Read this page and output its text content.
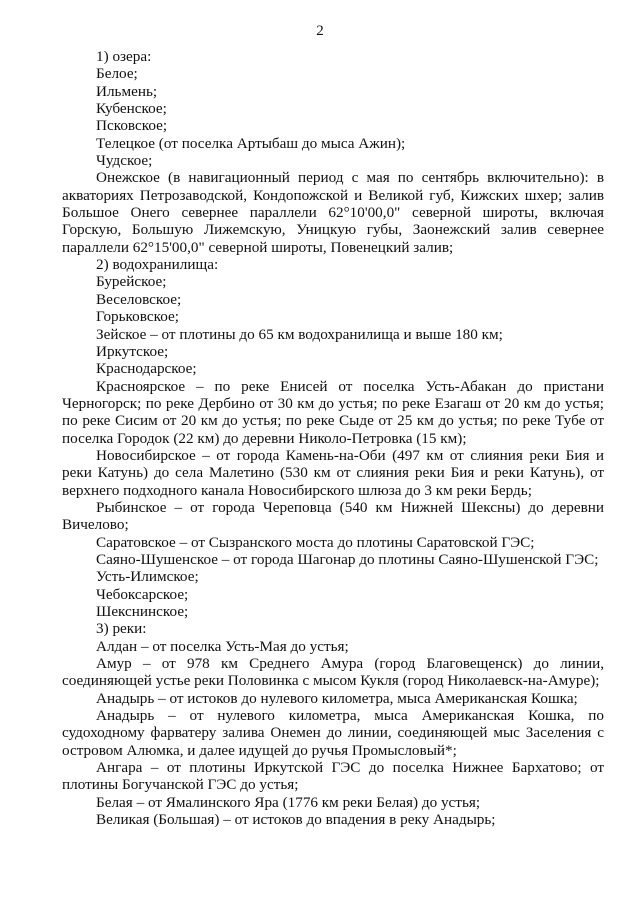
2

1) озера:

Белое;

Ильмень;

Кубенское;

Псковское;

Телецкое (от поселка Артыбаш до мыса Ажин);

Чудское;

Онежское (в навигационный период с мая по сентябрь включительно): в акваториях Петрозаводской, Кондопожской и Великой губ, Кижских шхер; залив Большое Онего севернее параллели 62°10'00,0" северной широты, включая Горскую, Большую Лижемскую, Уницкую губы, Заонежский залив севернее параллели 62°15'00,0" северной широты, Повенецкий залив;

2) водохранилища:

Бурейское;

Веселовское;

Горьковское;

Зейское – от плотины до 65 км водохранилища и выше 180 км;

Иркутское;

Краснодарское;

Красноярское – по реке Енисей от поселка Усть-Абакан до пристани Черногорск; по реке Дербино от 30 км до устья; по реке Езагаш от 20 км до устья; по реке Сисим от 20 км до устья; по реке Сыде от 25 км до устья; по реке Тубе от поселка Городок (22 км) до деревни Николо-Петровка (15 км);

Новосибирское – от города Камень-на-Оби (497 км от слияния реки Бия и реки Катунь) до села Малетино (530 км от слияния реки Бия и реки Катунь), от верхнего подходного канала Новосибирского шлюза до 3 км реки Бердь;

Рыбинское – от города Череповца (540 км Нижней Шексны) до деревни Вичелово;

Саратовское – от Сызранского моста до плотины Саратовской ГЭС;

Саяно-Шушенское – от города Шагонар до плотины Саяно-Шушенской ГЭС;

Усть-Илимское;

Чебоксарское;

Шекснинское;

3) реки:

Алдан – от поселка Усть-Мая до устья;

Амур – от 978 км Среднего Амура (город Благовещенск) до линии, соединяющей устье реки Половинка с мысом Кукля (город Николаевск-на-Амуре);

Анадырь – от истоков до нулевого километра, мыса Американская Кошка;

Анадырь – от нулевого километра, мыса Американская Кошка, по судоходному фарватеру залива Онемен до линии, соединяющей мыс Заселения с островом Алюмка, и далее идущей до ручья Промысловый*;

Ангара – от плотины Иркутской ГЭС до поселка Нижнее Бархатово; от плотины Богучанской ГЭС до устья;

Белая – от Ямалинского Яра (1776 км реки Белая) до устья;

Великая (Большая) – от истоков до впадения в реку Анадырь;
